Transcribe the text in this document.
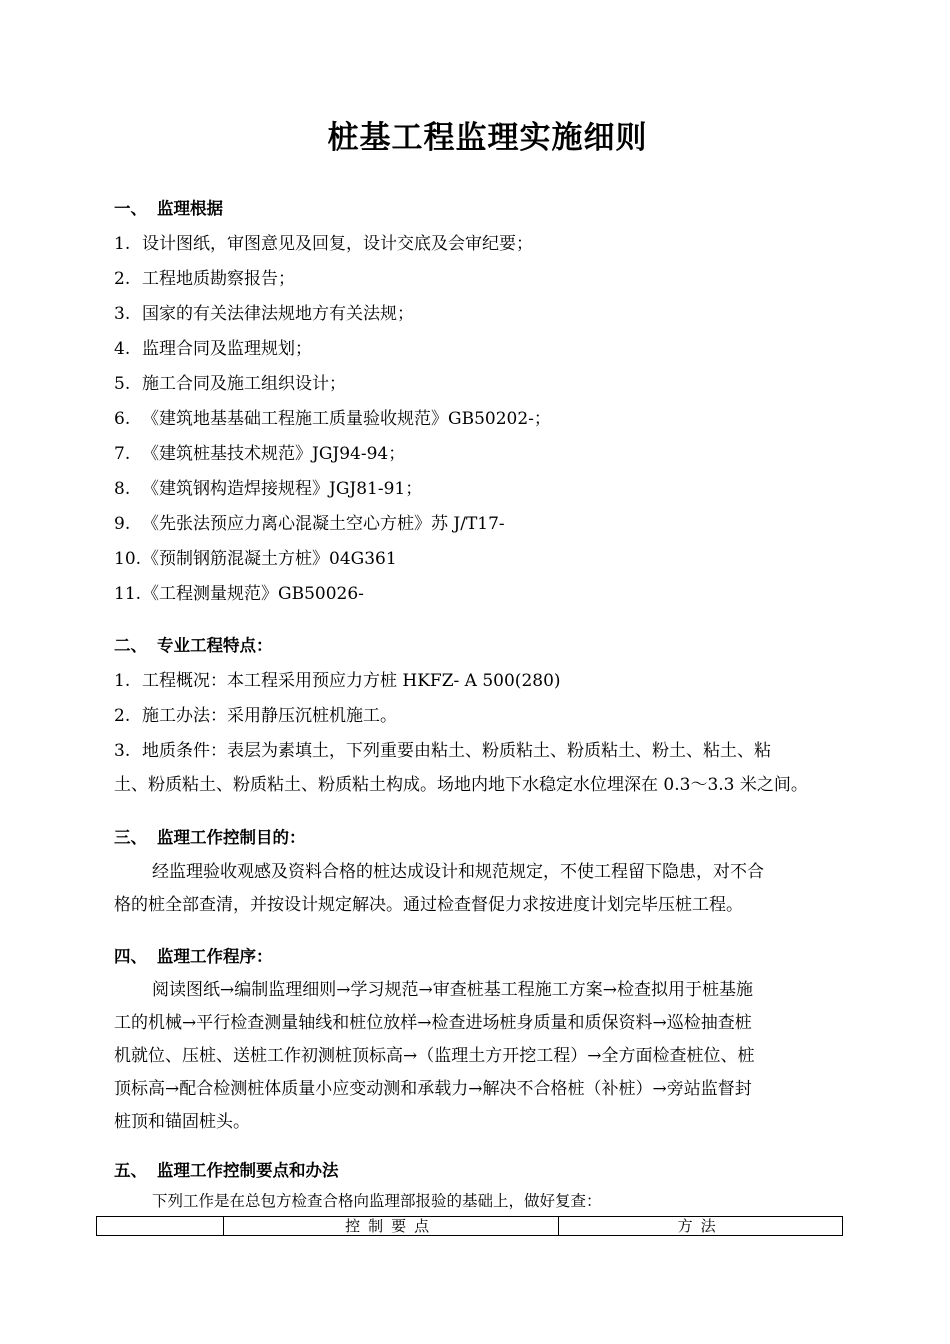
桩基工程监理实施细则
一、 监理根据
1. 设计图纸，审图意见及回复，设计交底及会审纪要；
2. 工程地质勘察报告；
3. 国家的有关法律法规地方有关法规；
4. 监理合同及监理规划；
5. 施工合同及施工组织设计；
6. 《建筑地基基础工程施工质量验收规范》GB50202-；
7. 《建筑桩基技术规范》JGJ94-94；
8. 《建筑钢构造焊接规程》JGJ81-91；
9. 《先张法预应力离心混凝土空心方桩》苏 J/T17-
10.《预制钢筋混凝土方桩》04G361
11.《工程测量规范》GB50026-
二、 专业工程特点：
1. 工程概况：本工程采用预应力方桩 HKFZ- A 500(280)
2. 施工办法：采用静压沉桩机施工。
3. 地质条件：表层为素填土，下列重要由粘土、粉质粘土、粉质粘土、粉土、粘土、粘
土、粉质粘土、粉质粘土、粉质粘土构成。场地内地下水稳定水位埋深在 0.3～3.3 米之间。
三、 监理工作控制目的：
经监理验收观感及资料合格的桩达成设计和规范规定，不使工程留下隐患，对不合
格的桩全部查清，并按设计规定解决。通过检查督促力求按进度计划完毕压桩工程。
四、 监理工作程序：
阅读图纸→编制监理细则→学习规范→审查桩基工程施工方案→检查拟用于桩基施
工的机械→平行检查测量轴线和桩位放样→检查进场桩身质量和质保资料→巡检抽查桩
机就位、压桩、送桩工作初测桩顶标高→（监理土方开挖工程）→全方面检查桩位、桩
顶标高→配合检测桩体质量小应变动测和承载力→解决不合格桩（补桩）→旁站监督封
桩顶和锚固桩头。
五、 监理工作控制要点和办法
下列工作是在总包方检查合格向监理部报验的基础上，做好复查：
	控制要点	方法
